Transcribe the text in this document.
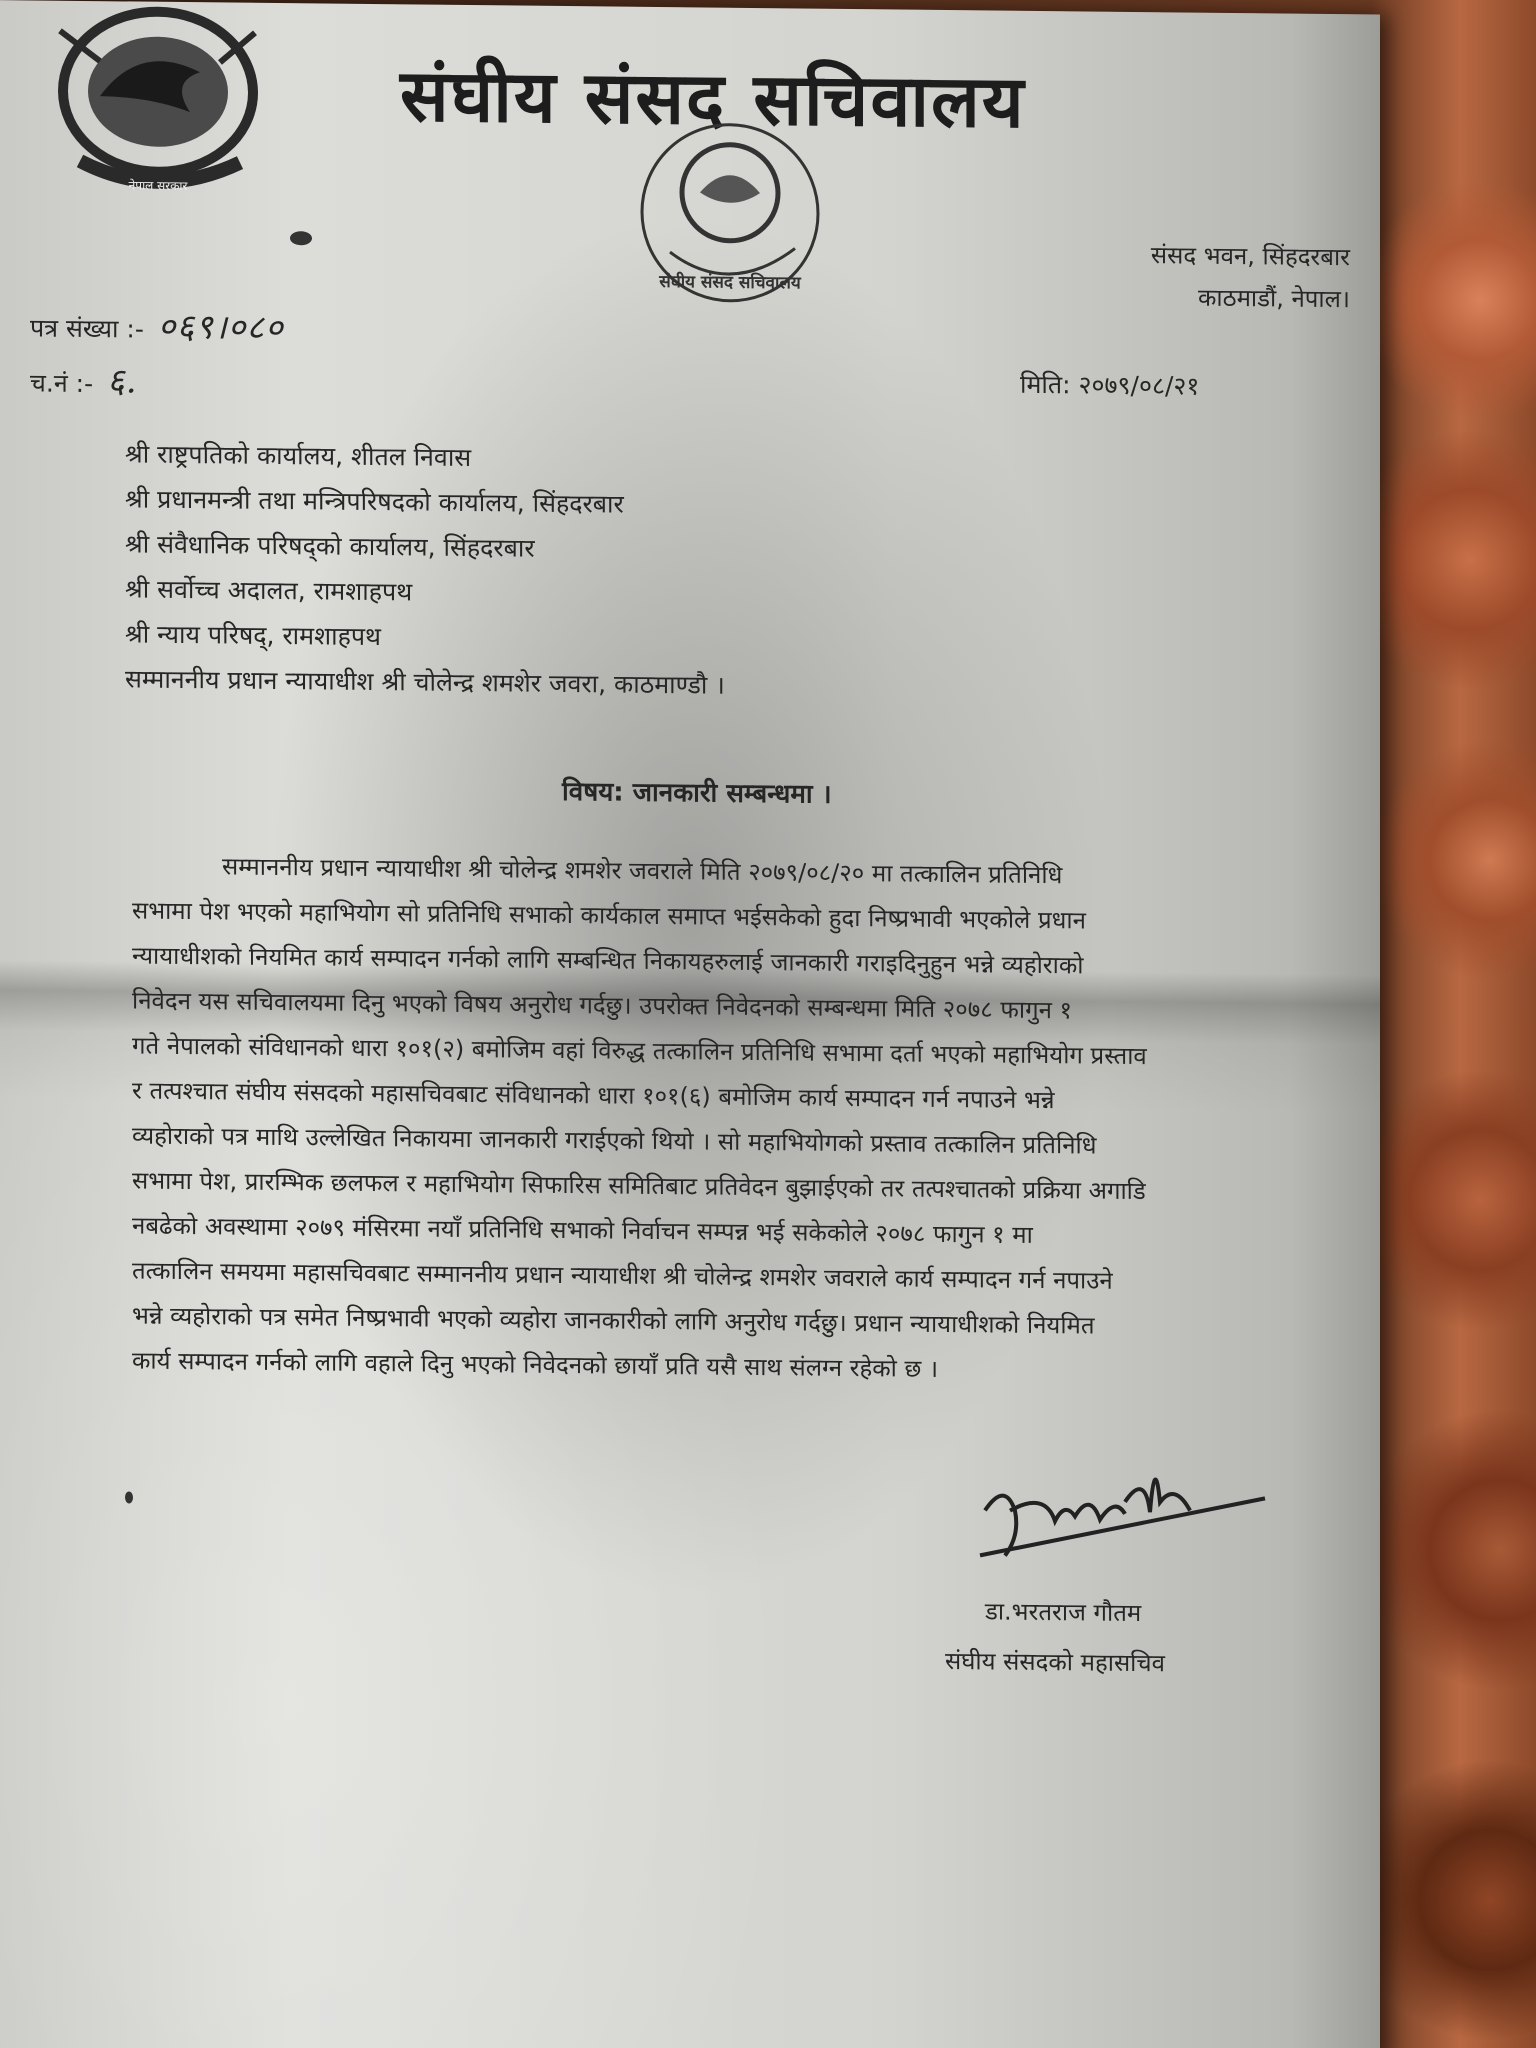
नेपाल सरकार
संघीय संसद सचिवालय
संघीय संसद सचिवालय
संसद भवन, सिंहदरबार
काठमाडौं, नेपाल।
पत्र संख्या :- ०६९।०८०
च.नं :- ६.	मिति: २०७९/०८/२१
श्री राष्ट्रपतिको कार्यालय, शीतल निवास
श्री प्रधानमन्त्री तथा मन्त्रिपरिषदको कार्यालय, सिंहदरबार
श्री संवैधानिक परिषद्को कार्यालय, सिंहदरबार
श्री सर्वोच्च अदालत, रामशाहपथ
श्री न्याय परिषद्, रामशाहपथ
सम्माननीय प्रधान न्यायाधीश श्री चोलेन्द्र शमशेर जवरा, काठमाण्डौ ।
विषय: जानकारी सम्बन्धमा ।
सम्माननीय प्रधान न्यायाधीश श्री चोलेन्द्र शमशेर जवराले मिति २०७९/०८/२० मा तत्कालिन प्रतिनिधि
सभामा पेश भएको महाभियोग सो प्रतिनिधि सभाको कार्यकाल समाप्त भईसकेको हुदा निष्प्रभावी भएकोले प्रधान
न्यायाधीशको नियमित कार्य सम्पादन गर्नको लागि सम्बन्धित निकायहरुलाई जानकारी गराइदिनुहुन भन्ने व्यहोराको
निवेदन यस सचिवालयमा दिनु भएको विषय अनुरोध गर्दछु। उपरोक्त निवेदनको सम्बन्धमा मिति २०७८ फागुन १
गते नेपालको संविधानको धारा १०१(२) बमोजिम वहां विरुद्ध तत्कालिन प्रतिनिधि सभामा दर्ता भएको महाभियोग प्रस्ताव
र तत्पश्चात संघीय संसदको महासचिवबाट संविधानको धारा १०१(६) बमोजिम कार्य सम्पादन गर्न नपाउने भन्ने
व्यहोराको पत्र माथि उल्लेखित निकायमा जानकारी गराईएको थियो । सो महाभियोगको प्रस्ताव तत्कालिन प्रतिनिधि
सभामा पेश, प्रारम्भिक छलफल र महाभियोग सिफारिस समितिबाट प्रतिवेदन बुझाईएको तर तत्पश्चातको प्रक्रिया अगाडि
नबढेको अवस्थामा २०७९ मंसिरमा नयाँ प्रतिनिधि सभाको निर्वाचन सम्पन्न भई सकेकोले २०७८ फागुन १ मा
तत्कालिन समयमा महासचिवबाट सम्माननीय प्रधान न्यायाधीश श्री चोलेन्द्र शमशेर जवराले कार्य सम्पादन गर्न नपाउने
भन्ने व्यहोराको पत्र समेत निष्प्रभावी भएको व्यहोरा जानकारीको लागि अनुरोध गर्दछु। प्रधान न्यायाधीशको नियमित
कार्य सम्पादन गर्नको लागि वहाले दिनु भएको निवेदनको छायाँ प्रति यसै साथ संलग्न रहेको छ ।
डा.भरतराज गौतम
संघीय संसदको महासचिव
